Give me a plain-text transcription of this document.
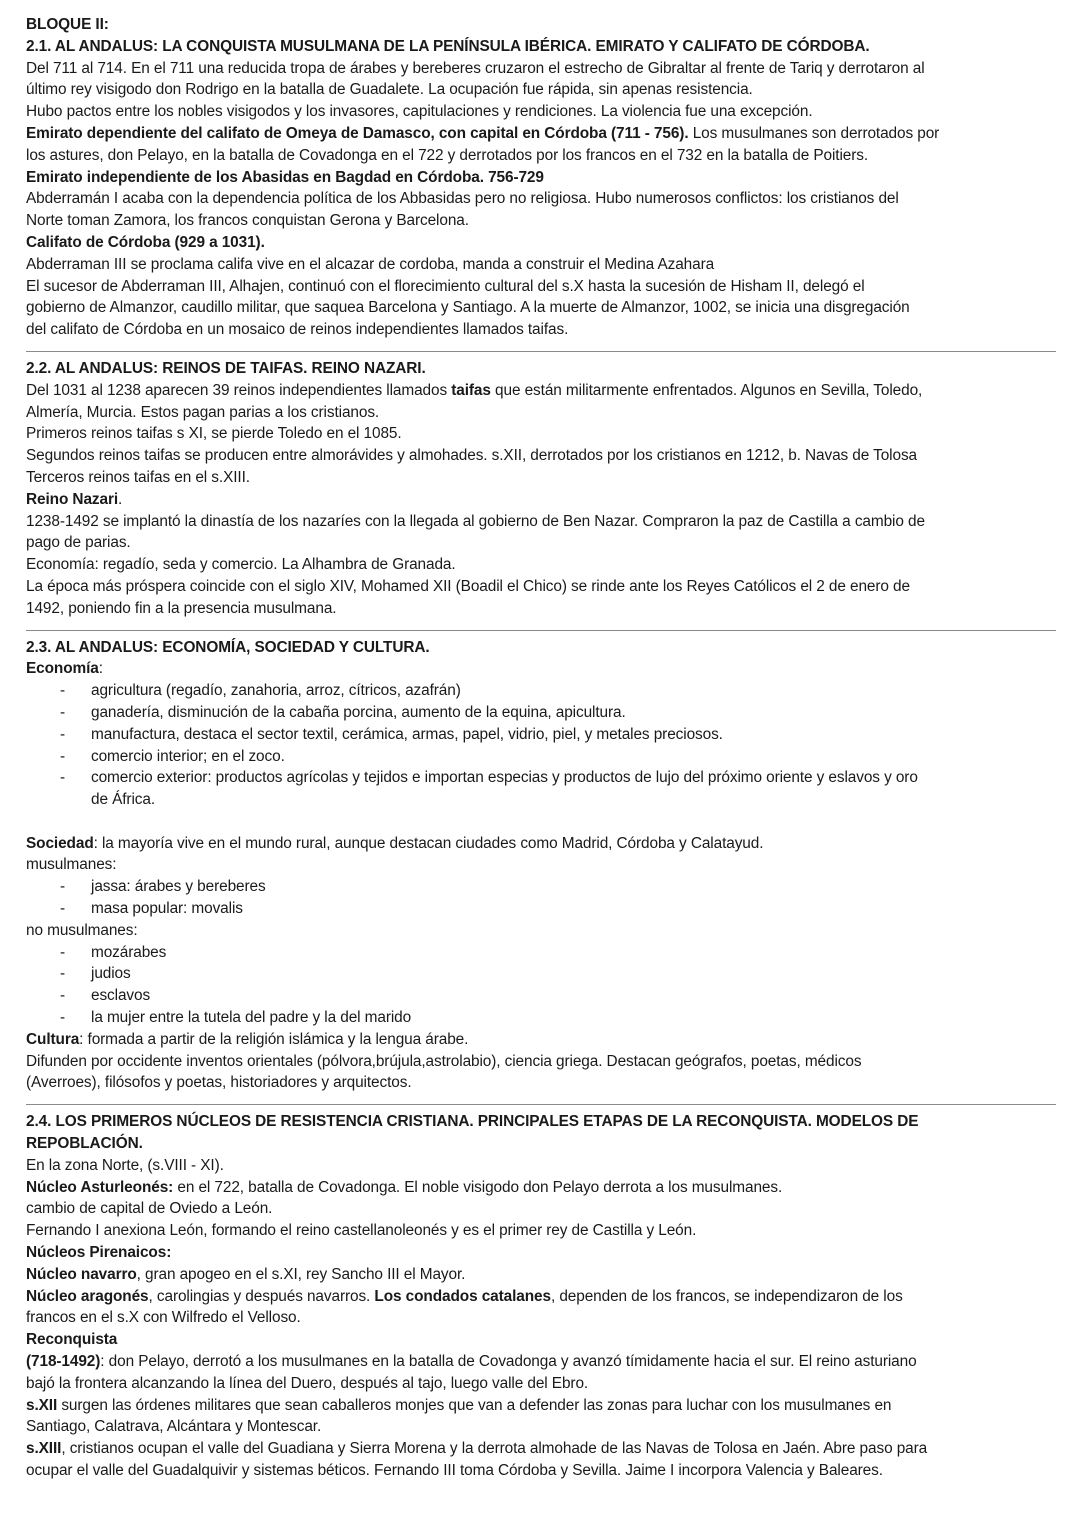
BLOQUE II:
2.1. AL ANDALUS: LA CONQUISTA MUSULMANA DE LA PENÍNSULA IBÉRICA. EMIRATO Y CALIFATO DE CÓRDOBA.
Del 711 al 714. En el 711 una reducida tropa de árabes y bereberes cruzaron el estrecho de Gibraltar al frente de Tariq y derrotaron al
último rey visigodo don Rodrigo en la batalla de Guadalete. La ocupación fue rápida, sin apenas resistencia.
Hubo pactos entre los nobles visigodos y los invasores, capitulaciones y rendiciones. La violencia fue una excepción.
Emirato dependiente del califato de Omeya de Damasco, con capital en Córdoba (711 - 756). Los musulmanes son derrotados por
los astures, don Pelayo, en la batalla de Covadonga en el 722 y derrotados por los francos en el 732 en la batalla de Poitiers.
Emirato independiente de los Abasidas en Bagdad en Córdoba. 756-729
Abderramán I acaba con la dependencia política de los Abbasidas pero no religiosa. Hubo numerosos conflictos: los cristianos del
Norte toman Zamora, los francos conquistan Gerona y Barcelona.
Califato de Córdoba (929 a 1031).
Abderraman III se proclama califa vive en el alcazar de cordoba, manda a construir el Medina Azahara
El sucesor de Abderraman III, Alhajen, continuó con el florecimiento cultural del s.X hasta la sucesión de Hisham II, delegó el
gobierno de Almanzor, caudillo militar, que saquea Barcelona y Santiago. A la muerte de Almanzor, 1002, se inicia una disgregación
del califato de Córdoba en un mosaico de reinos independientes llamados taifas.
2.2. AL ANDALUS: REINOS DE TAIFAS. REINO NAZARI.
Del 1031 al 1238 aparecen 39 reinos independientes llamados taifas que están militarmente enfrentados. Algunos en Sevilla, Toledo,
Almería, Murcia. Estos pagan parias a los cristianos.
Primeros reinos taifas s XI, se pierde Toledo en el 1085.
Segundos reinos taifas se producen entre almorávides y almohades. s.XII, derrotados por los cristianos en 1212, b. Navas de Tolosa
Terceros reinos taifas en el s.XIII.
Reino Nazari.
1238-1492 se implantó la dinastía de los nazaríes con la llegada al gobierno de Ben Nazar. Compraron la paz de Castilla a cambio de
pago de parias.
Economía: regadío, seda y comercio. La Alhambra de Granada.
La época más próspera coincide con el siglo XIV, Mohamed XII (Boadil el Chico) se rinde ante los Reyes Católicos el 2 de enero de
1492, poniendo fin a la presencia musulmana.
2.3. AL ANDALUS: ECONOMÍA, SOCIEDAD Y CULTURA.
Economía:
- agricultura (regadío, zanahoria, arroz, cítricos, azafrán)
- ganadería, disminución de la cabaña porcina, aumento de la equina, apicultura.
- manufactura, destaca el sector textil, cerámica, armas, papel, vidrio, piel, y metales preciosos.
- comercio interior; en el zoco.
- comercio exterior: productos agrícolas y tejidos e importan especias y productos de lujo del próximo oriente y eslavos y oro
de África.
Sociedad: la mayoría vive en el mundo rural, aunque destacan ciudades como Madrid, Córdoba y Calatayud.
musulmanes:
- jassa: árabes y bereberes
- masa popular: movalis
no musulmanes:
- mozárabes
- judios
- esclavos
- la mujer entre la tutela del padre y la del marido
Cultura: formada a partir de la religión islámica y la lengua árabe.
Difunden por occidente inventos orientales (pólvora,brújula,astrolabio), ciencia griega. Destacan geógrafos, poetas, médicos
(Averroes), filósofos y poetas, historiadores y arquitectos.
2.4. LOS PRIMEROS NÚCLEOS DE RESISTENCIA CRISTIANA. PRINCIPALES ETAPAS DE LA RECONQUISTA. MODELOS DE
REPOBLACIÓN.
En la zona Norte, (s.VIII - XI).
Núcleo Asturleonés: en el 722, batalla de Covadonga. El noble visigodo don Pelayo derrota a los musulmanes.
cambio de capital de Oviedo a León.
Fernando I anexiona León, formando el reino castellanoleonés y es el primer rey de Castilla y León.
Núcleos Pirenaicos:
Núcleo navarro, gran apogeo en el s.XI, rey Sancho III el Mayor.
Núcleo aragonés, carolingias y después navarros. Los condados catalanes, dependen de los francos, se independizaron de los
francos en el s.X con Wilfredo el Velloso.
Reconquista
(718-1492): don Pelayo, derrotó a los musulmanes en la batalla de Covadonga y avanzó tímidamente hacia el sur. El reino asturiano
bajó la frontera alcanzando la línea del Duero, después al tajo, luego valle del Ebro.
s.XII surgen las órdenes militares que sean caballeros monjes que van a defender las zonas para luchar con los musulmanes en
Santiago, Calatrava, Alcántara y Montescar.
s.XIII, cristianos ocupan el valle del Guadiana y Sierra Morena y la derrota almohade de las Navas de Tolosa en Jaén. Abre paso para
ocupar el valle del Guadalquivir y sistemas béticos. Fernando III toma Córdoba y Sevilla. Jaime I incorpora Valencia y Baleares.
